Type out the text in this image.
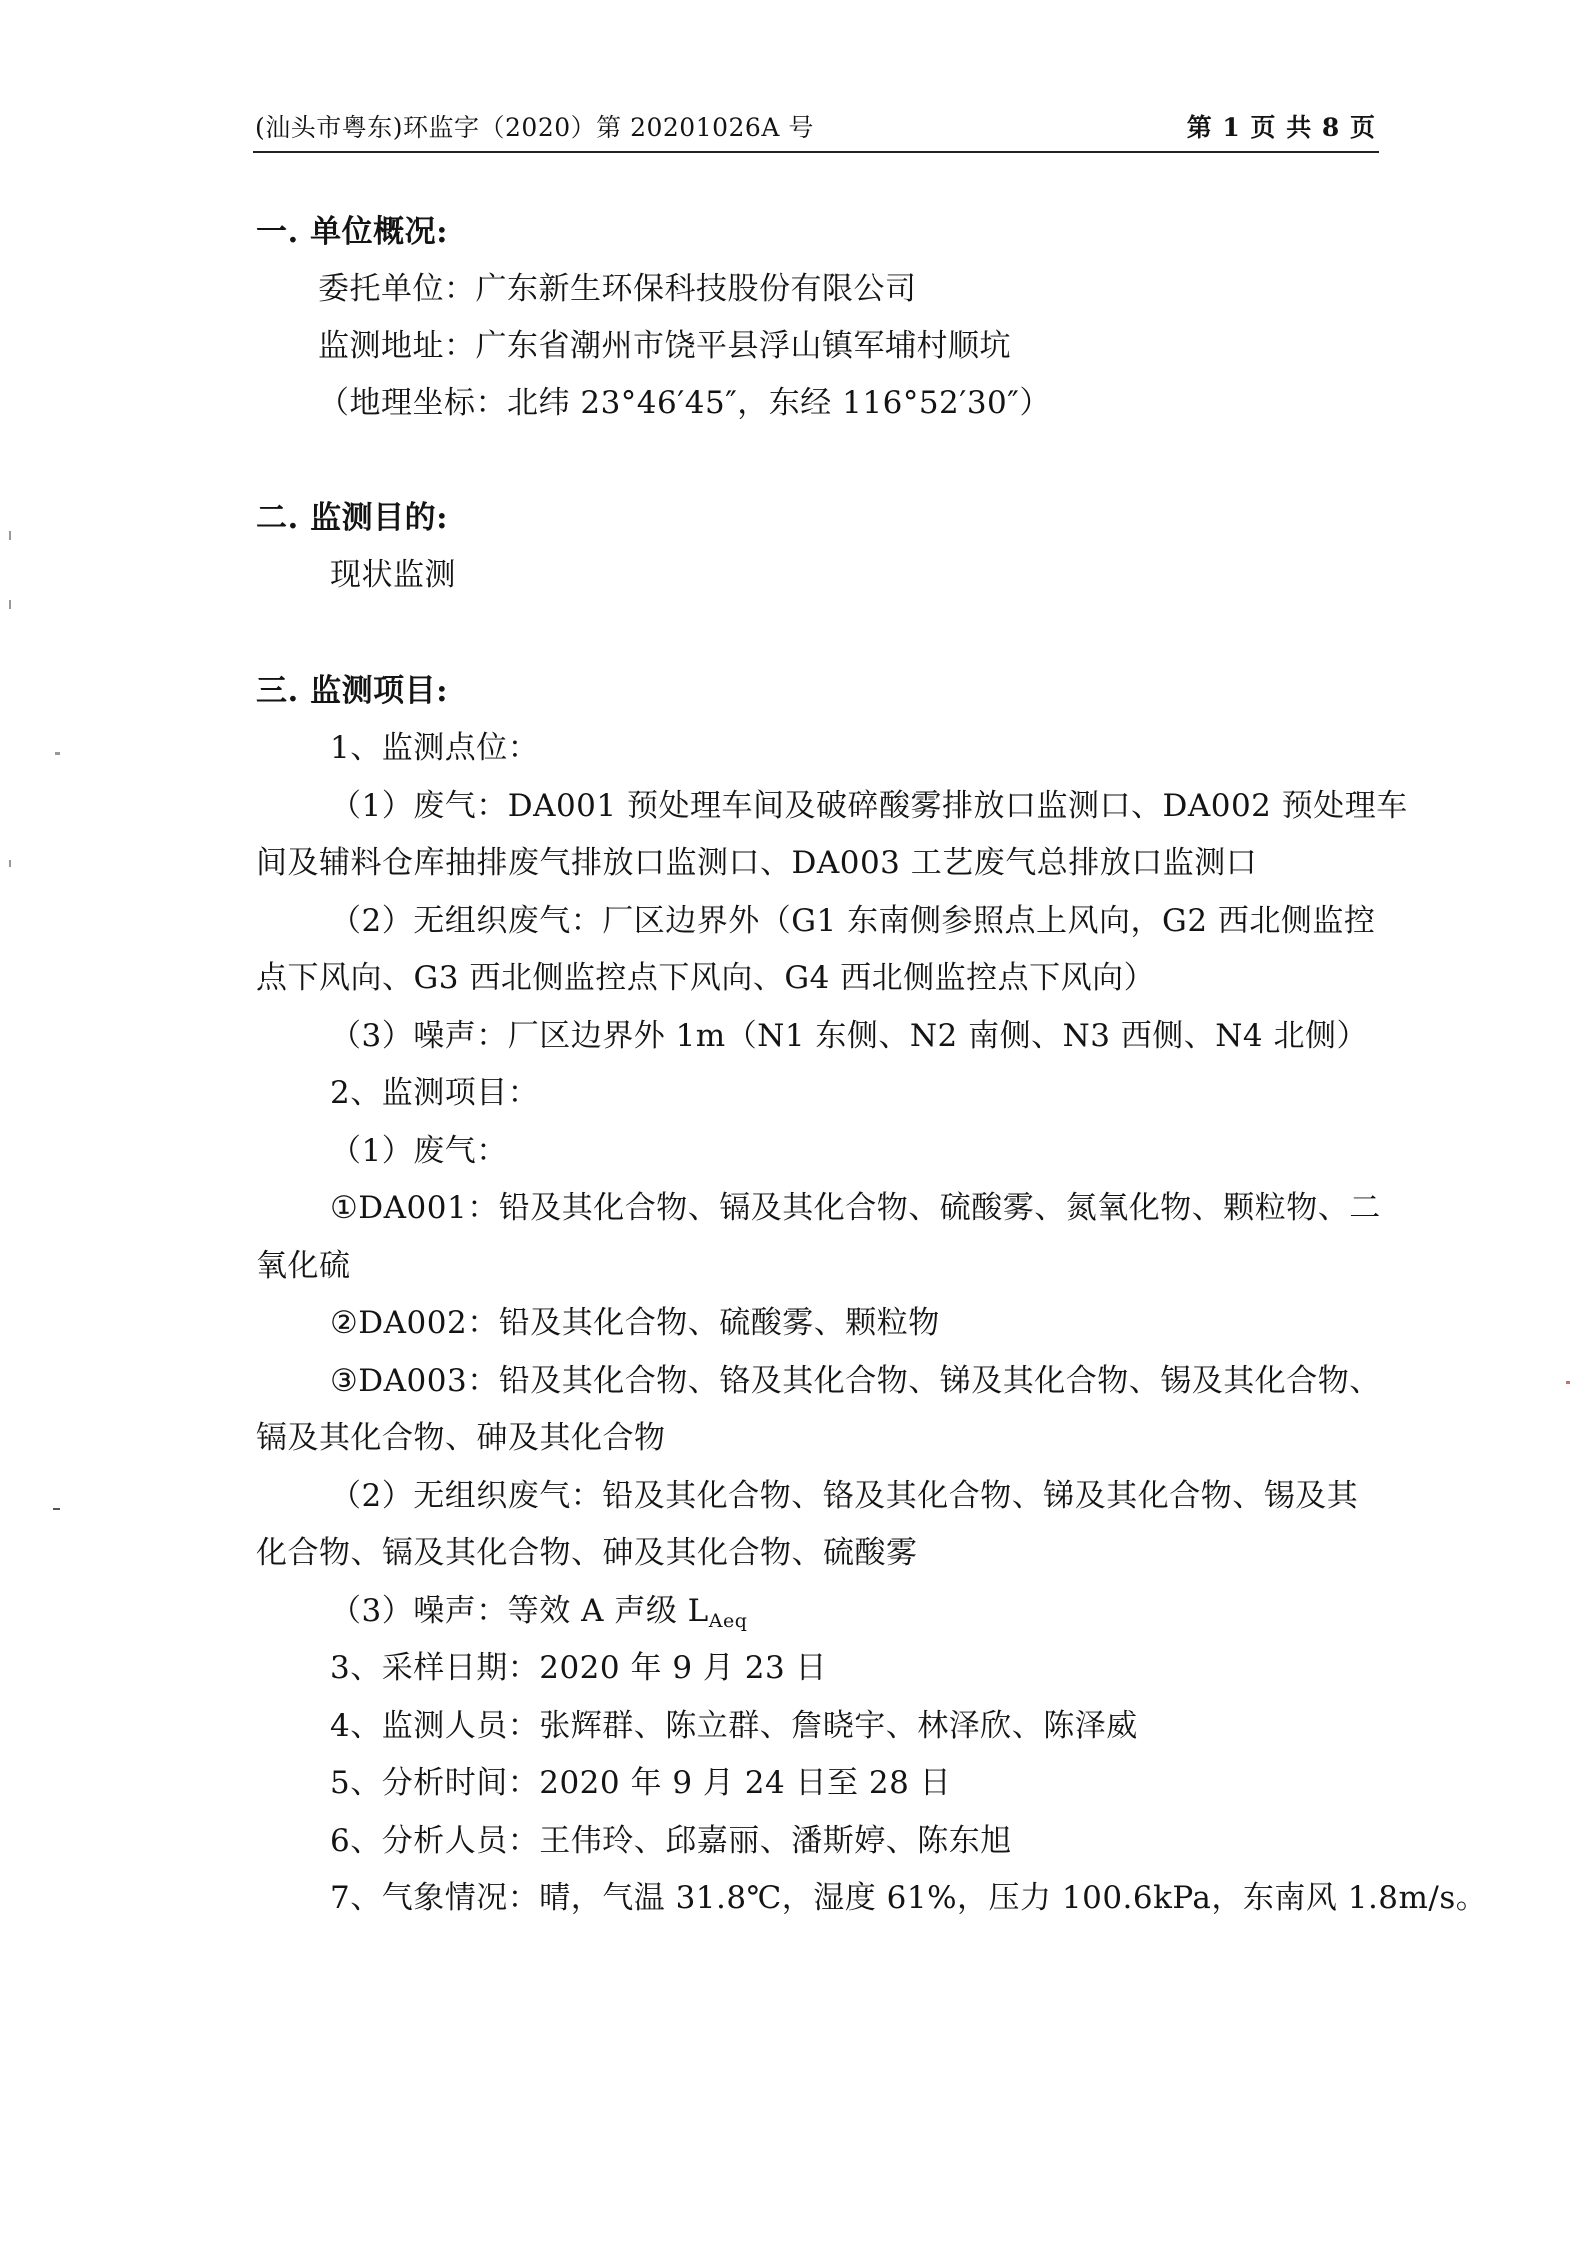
(汕头市粤东)环监字（2020）第 20201026A 号	第 1 页 共 8 页
一. 单位概况:
委托单位：广东新生环保科技股份有限公司
监测地址：广东省潮州市饶平县浮山镇军埔村顺坑
（地理坐标：北纬 23°46′45″，东经 116°52′30″）
二. 监测目的:
现状监测
三. 监测项目:
1、监测点位：
（1）废气：DA001 预处理车间及破碎酸雾排放口监测口、DA002 预处理车
间及辅料仓库抽排废气排放口监测口、DA003 工艺废气总排放口监测口
（2）无组织废气：厂区边界外（G1 东南侧参照点上风向，G2 西北侧监控
点下风向、G3 西北侧监控点下风向、G4 西北侧监控点下风向）
（3）噪声：厂区边界外 1m（N1 东侧、N2 南侧、N3 西侧、N4 北侧）
2、监测项目：
（1）废气：
①DA001：铅及其化合物、镉及其化合物、硫酸雾、氮氧化物、颗粒物、二
氧化硫
②DA002：铅及其化合物、硫酸雾、颗粒物
③DA003：铅及其化合物、铬及其化合物、锑及其化合物、锡及其化合物、
镉及其化合物、砷及其化合物
（2）无组织废气：铅及其化合物、铬及其化合物、锑及其化合物、锡及其
化合物、镉及其化合物、砷及其化合物、硫酸雾
（3）噪声：等效 A 声级 $L_{Aeq}$
3、采样日期：2020 年 9 月 23 日
4、监测人员：张辉群、陈立群、詹晓宇、林泽欣、陈泽威
5、分析时间：2020 年 9 月 24 日至 28 日
6、分析人员：王伟玲、邱嘉丽、潘斯婷、陈东旭
7、气象情况：晴，气温 31.8℃，湿度 61%，压力 100.6kPa，东南风 1.8m/s。
